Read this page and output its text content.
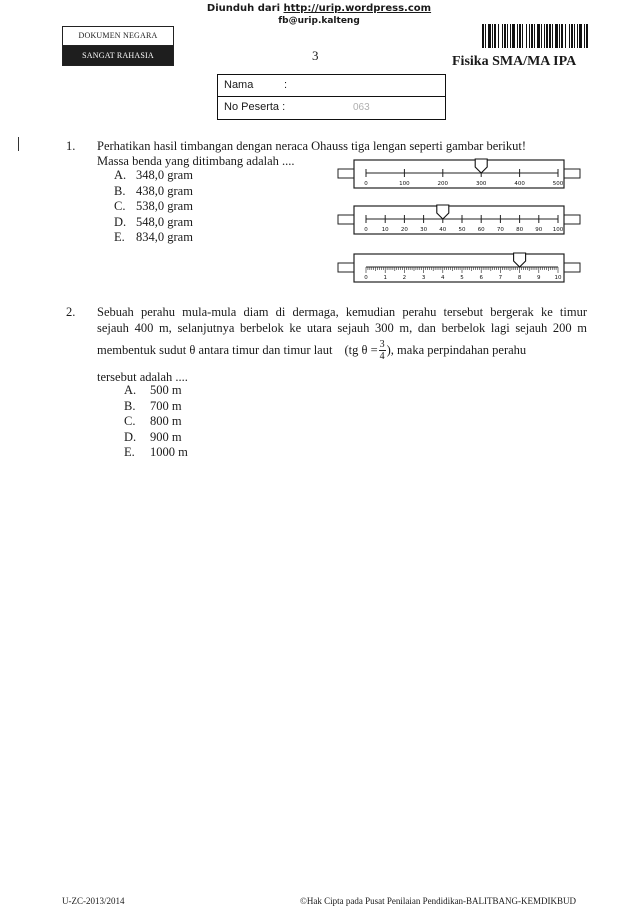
Diunduh dari http://urip.wordpress.com
fb@urip.kalteng
DOKUMEN NEGARA
SANGAT RAHASIA	3	Fisika SMA/MA IPA
Nama	:
No Peserta :	063
1. Perhatikan hasil timbangan dengan neraca Ohauss tiga lengan seperti gambar berikut!
Massa benda yang ditimbang adalah ....
A. 348,0 gram
B. 438,0 gram
C. 538,0 gram
D. 548,0 gram
E. 834,0 gram
0	100	200	300	400	500
0	10 20 30 40 50 60 70 80 90 100
0	1	2	3	4	5	6	7	8	9	10
2. Sebuah perahu mula-mula diam di dermaga, kemudian perahu tersebut bergerak ke timur
sejauh 400 m, selanjutnya berbelok ke utara sejauh 300 m, dan berbelok lagi sejauh 200 m
membentuk sudut θ antara timur dan timur laut (tg $\theta = \frac{3}{4}$ ), maka perpindahan perahu
tersebut adalah ....
A. 500 m
B. 700 m
C. 800 m
D. 900 m
E. 1000 m
U-ZC-2013/2014	©Hak Cipta pada Pusat Penilaian Pendidikan-BALITBANG-KEMDIKBUD
